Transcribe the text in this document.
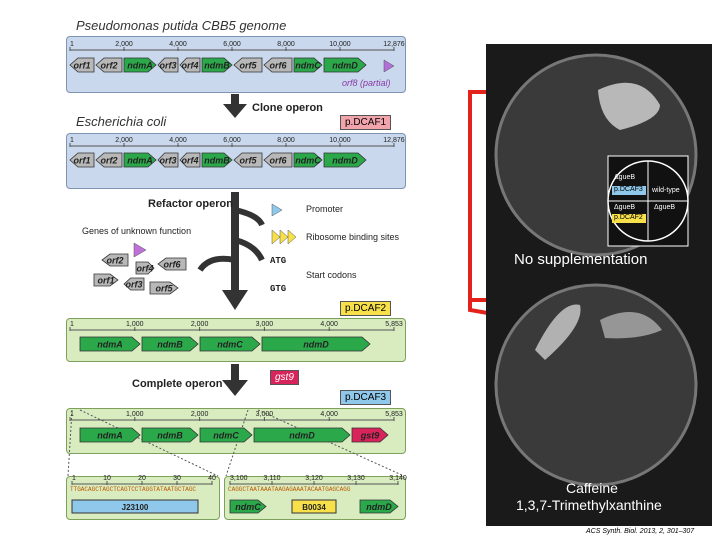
Pseudomonas putida CBB5 genome
Escherichia coli	p.DCAF1
p.DCAF2
p.DCAF3
1	2,000	4,000	6,000	8,000	10,000	12,876
orf1 orf2 ndmA orf3 orf4 ndmB orf5 orf6 ndmC ndmD
1	2,000	4,000	6,000	8,000	10,000	12,876
orf1 orf2 ndmA orf3 orf4 ndmB orf5 orf6 ndmC ndmD
orf2
orf4 orf6
orf1 orf3 orf5
1	1,000	2,000	3,000	4,000	5,853
ndmA	ndmB	ndmC	ndmD
1	1,000	2,000	3,000	4,000	5,853
ndmA	ndmB	ndmC	ndmD	gst9
1	10	20	30	40
J23100
3,100 3,110	3,120	3,130	3,140
ndmC	B0034	ndmD
Clone operon
Refactor operon
Complete operon
Genes of unknown function
Promoter
Ribosome binding sites
ATG
Start codons
GTG
orf8 (partial)
gst9
TTGACAGCTAGCTCAGTCCTAGGTATAATGCTAGC	CAGGCTAATAAATAAGAGAAATACAATGAGCAGG
No supplementation
Caffeine
1,3,7-Trimethylxanthine
ΔgueB
p.DCAF3 wild-type
ΔgueB
p.DCAF2
ΔgueB
ACS Synth. Biol. 2013, 2, 301–307
